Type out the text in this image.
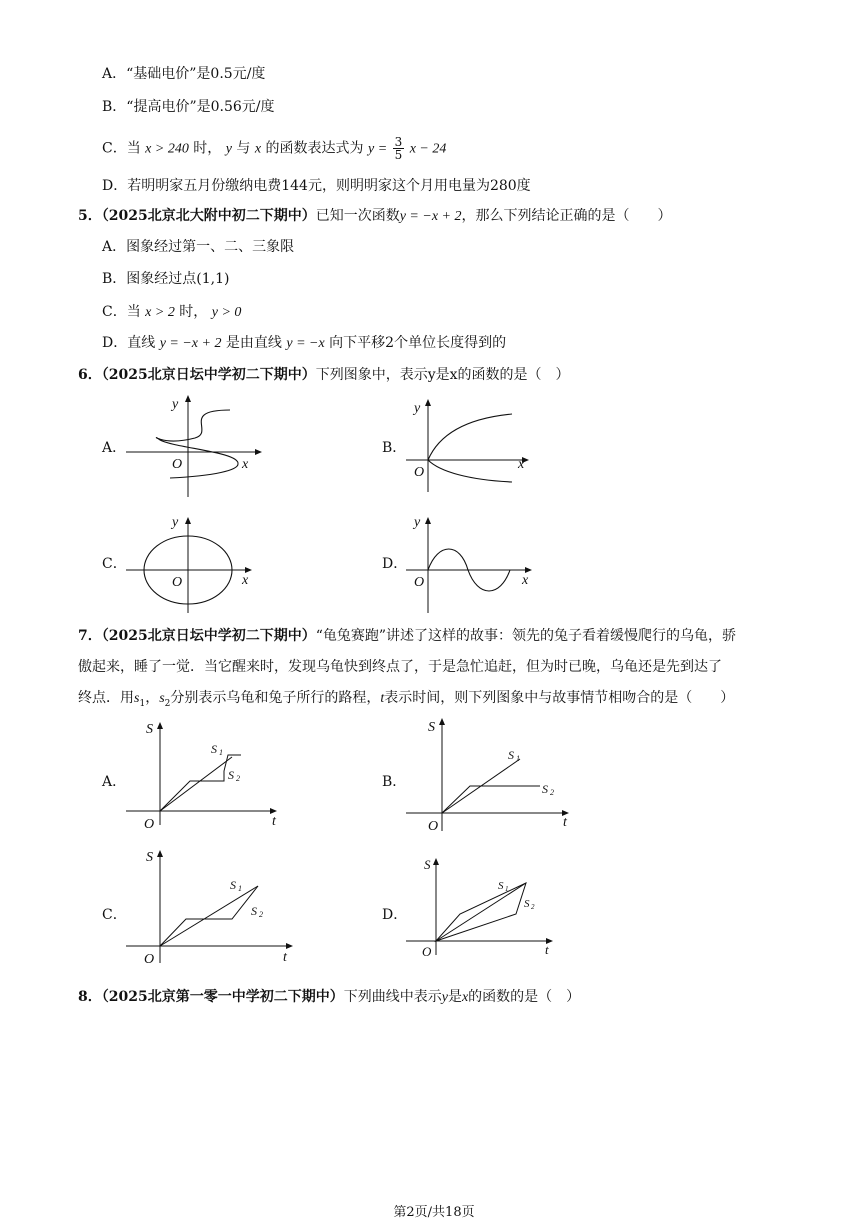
A．“基础电价”是0.5元/度
B．“提高电价”是0.56元/度
C．当 x > 240 时， y 与 x 的函数表达式为 $y = \frac{3}{5}$ x − 24
D．若明明家五月份缴纳电费144元，则明明家这个月用电量为280度
5．（2025北京北大附中初二下期中）已知一次函数y = −x + 2，那么下列结论正确的是（　　）
A．图象经过第一、二、三象限
B．图象经过点(1,1)
C．当 x > 2 时， y > 0
D．直线 y = −x + 2 是由直线 y = −x 向下平移2个单位长度得到的
6．（2025北京日坛中学初二下期中）下列图象中，表示y是x的函数的是（　）
A．	B．
C．	D．
y
O	x
y
O
x
y
O	x
y
O	x
7．（2025北京日坛中学初二下期中）“龟兔赛跑”讲述了这样的故事：领先的兔子看着缓慢爬行的乌龟，骄
傲起来，睡了一觉．当它醒来时，发现乌龟快到终点了，于是急忙追赶，但为时已晚，乌龟还是先到达了
终点．用$s_1$，$s_2$分别表示乌龟和兔子所行的路程，t表示时间，则下列图象中与故事情节相吻合的是（　　）
A．	B．
C．	D．
S
O	t
S 1
S 2
S
O	t
S 1
S 2
S
O	t
S 1
S 2
S
O	t
S 1
S 2
8．（2025北京第一零一中学初二下期中）下列曲线中表示y是x的函数的是（　）
第2页/共18页
